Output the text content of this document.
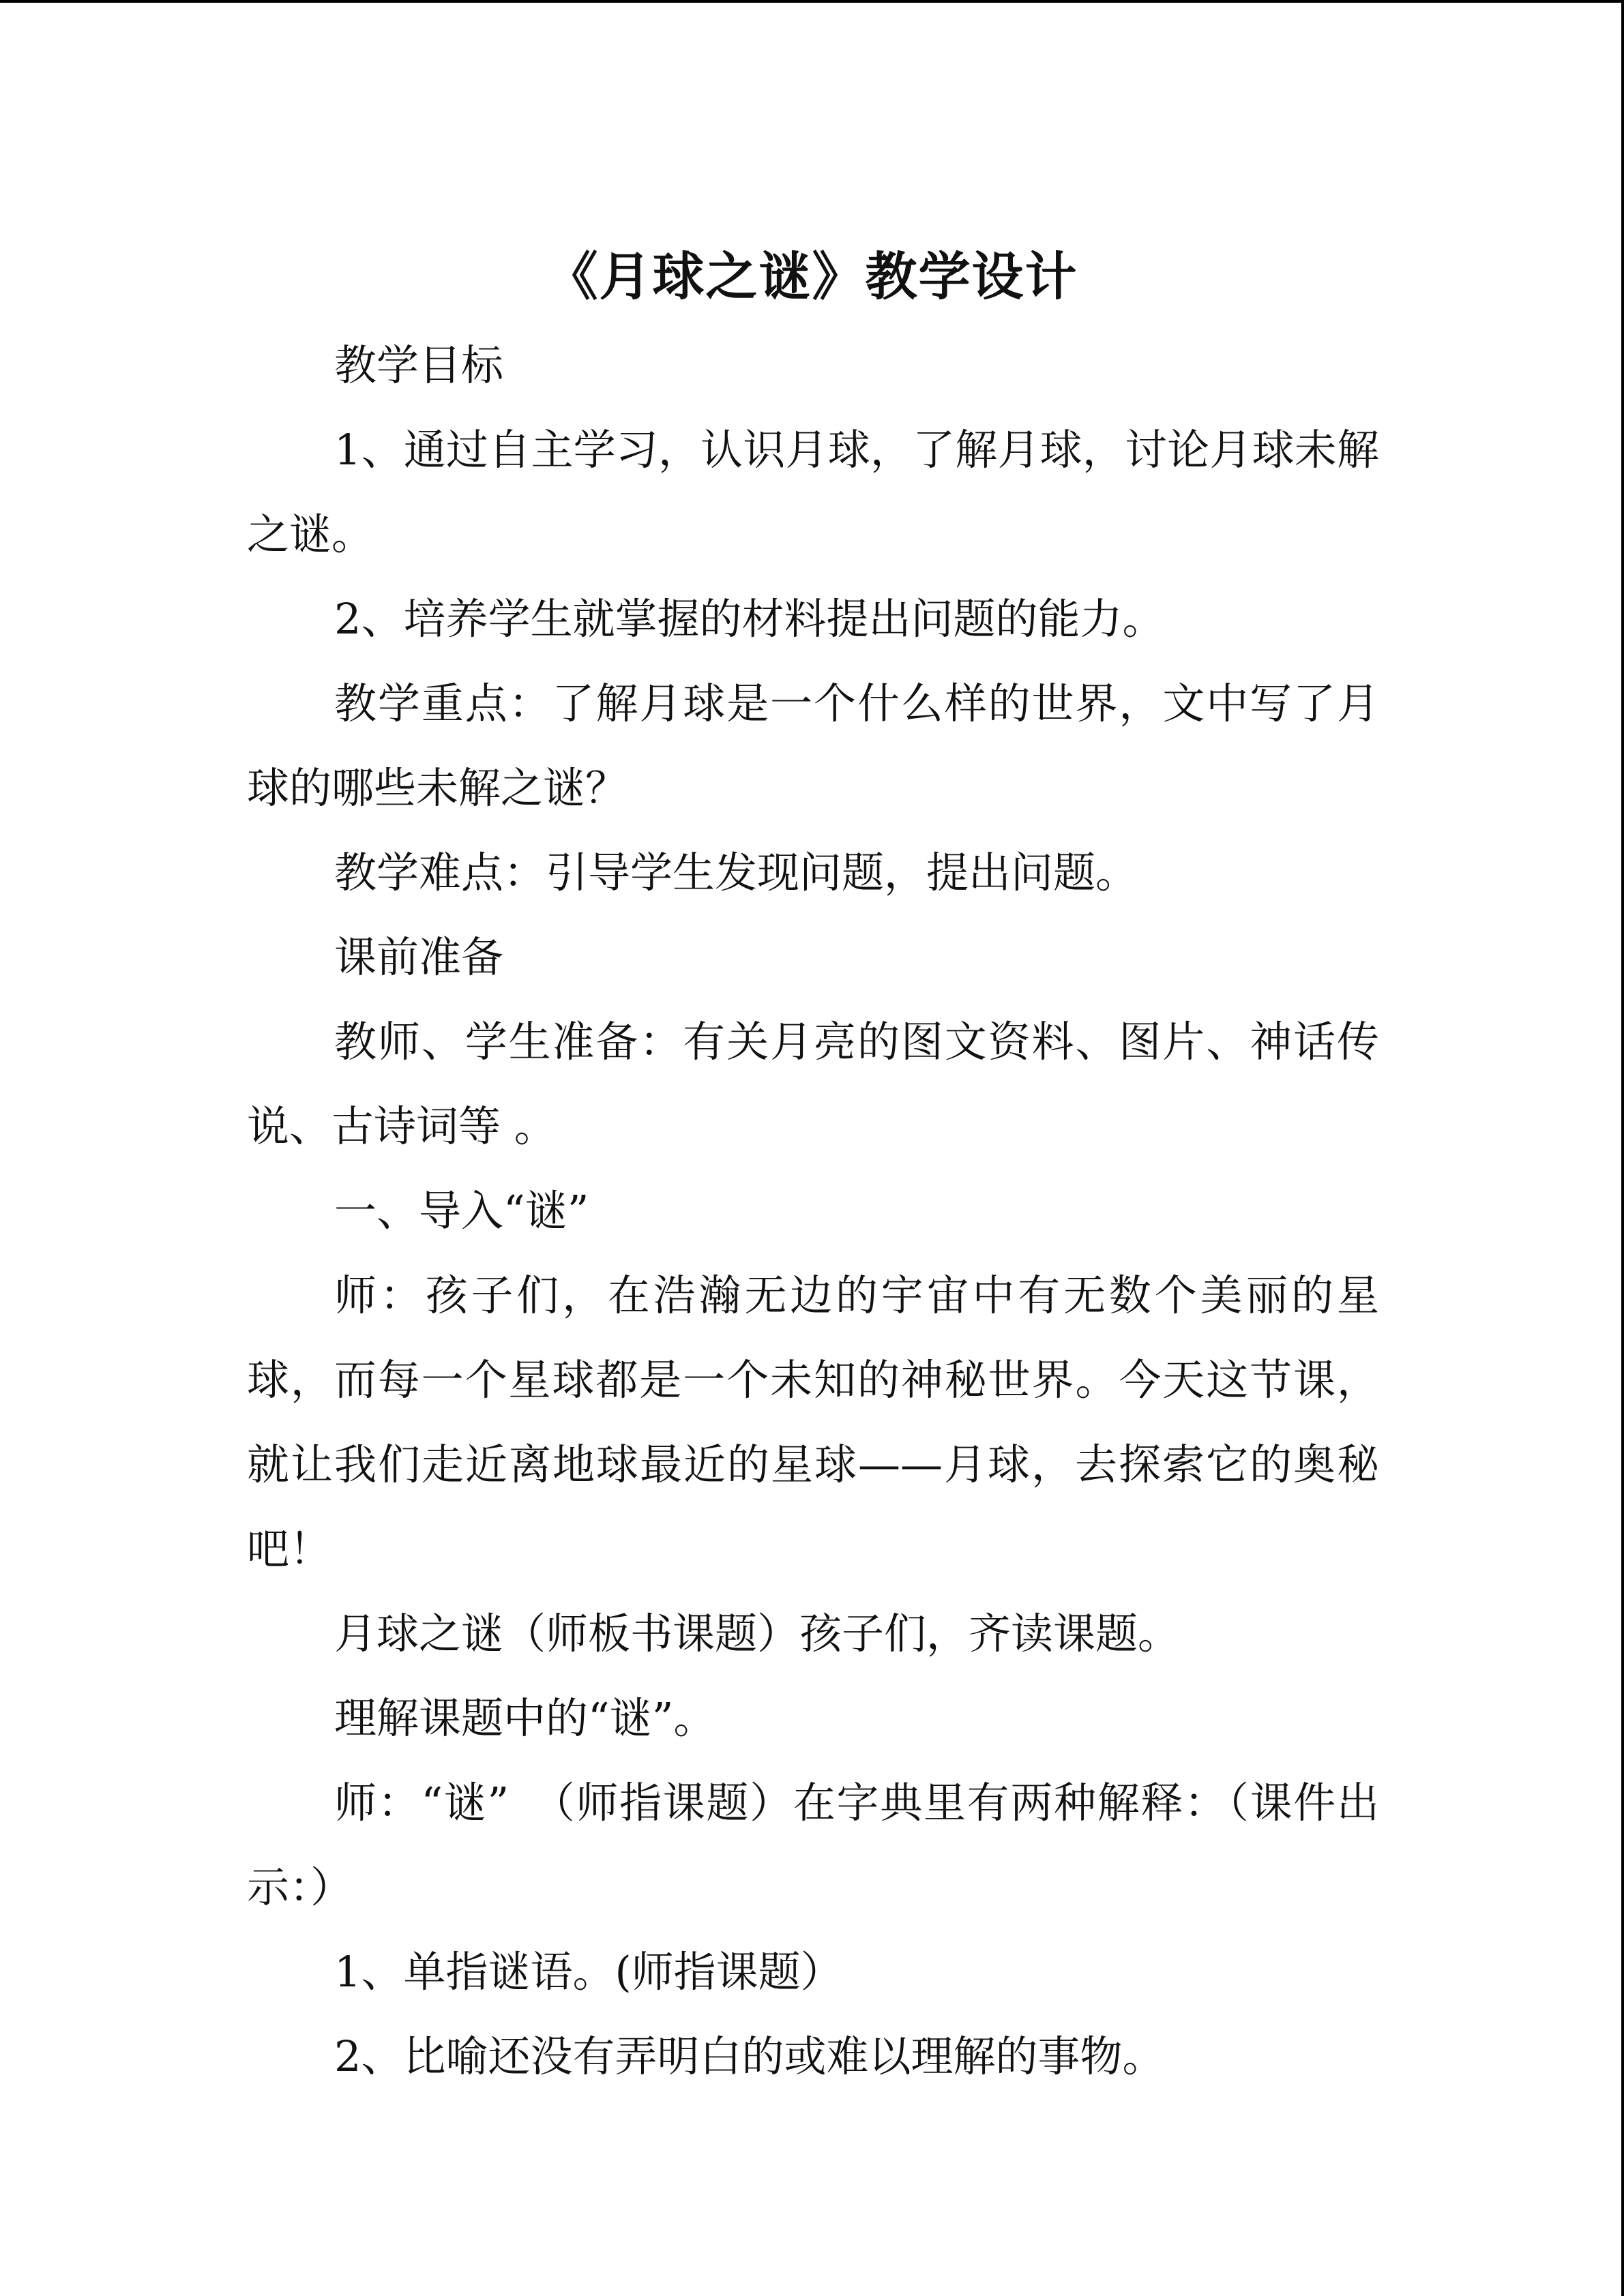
《月球之谜》教学设计

教学目标

1、通过自主学习，认识月球，了解月球，讨论月球未解之谜。

2、培养学生就掌握的材料提出问题的能力。

教学重点：了解月球是一个什么样的世界，文中写了月球的哪些未解之谜？

教学难点：引导学生发现问题，提出问题。

课前准备

教师、学生准备：有关月亮的图文资料、图片、神话传说、古诗词等 。

一、导入“谜”

师：孩子们，在浩瀚无边的宇宙中有无数个美丽的星球，而每一个星球都是一个未知的神秘世界。今天这节课，就让我们走近离地球最近的星球——月球，去探索它的奥秘吧！

月球之谜（师板书课题）孩子们，齐读课题。

理解课题中的“谜”。

师：“谜”　（师指课题）在字典里有两种解释：（课件出示：）

1、单指谜语。(师指课题）

2、比喻还没有弄明白的或难以理解的事物。
